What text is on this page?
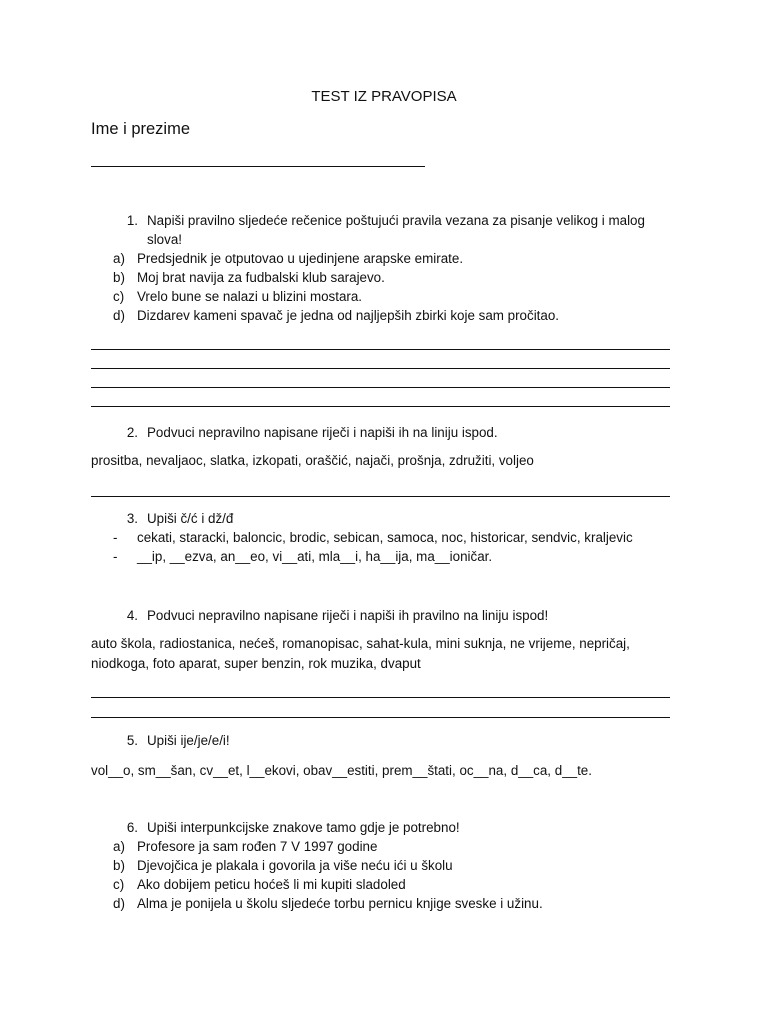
TEST IZ PRAVOPISA
Ime i prezime
1. Napiši pravilno sljedeće rečenice poštujući pravila vezana za pisanje velikog i malog slova!
a) Predsjednik je otputovao u ujedinjene arapske emirate.
b) Moj brat navija za fudbalski klub sarajevo.
c) Vrelo bune se nalazi u blizini mostara.
d) Dizdarev kameni spavač je jedna od najljepših zbirki koje sam pročitao.
2. Podvuci nepravilno napisane riječi i napiši ih na liniju ispod.
prositba, nevaljaoc, slatka, izkopati, oraščić, najači, prošnja, združiti, voljeo
3. Upiši č/ć i dž/đ
-	cekati, staracki, baloncic, brodic, sebican, samoca, noc, historicar, sendvic, kraljevic
-	__ip, __ezva, an__eo, vi__ati, mla__i, ha__ija, ma__ioničar.
4. Podvuci nepravilno napisane riječi i napiši ih pravilno na liniju ispod!
auto škola, radiostanica, nećeš, romanopisac, sahat-kula, mini suknja, ne vrijeme, nepričaj, niodkoga, foto aparat, super benzin, rok muzika, dvaput
5. Upiši ije/je/e/i!
vol__o, sm__šan, cv__et, l__ekovi, obav__estiti, prem__štati, oc__na, d__ca, d__te.
6. Upiši interpunkcijske znakove tamo gdje je potrebno!
a) Profesore ja sam rođen 7 V 1997 godine
b) Djevojčica je plakala i govorila ja više neću ići u školu
c) Ako dobijem peticu hoćeš li mi kupiti sladoled
d) Alma je ponijela u školu sljedeće torbu pernicu knjige sveske i užinu.
